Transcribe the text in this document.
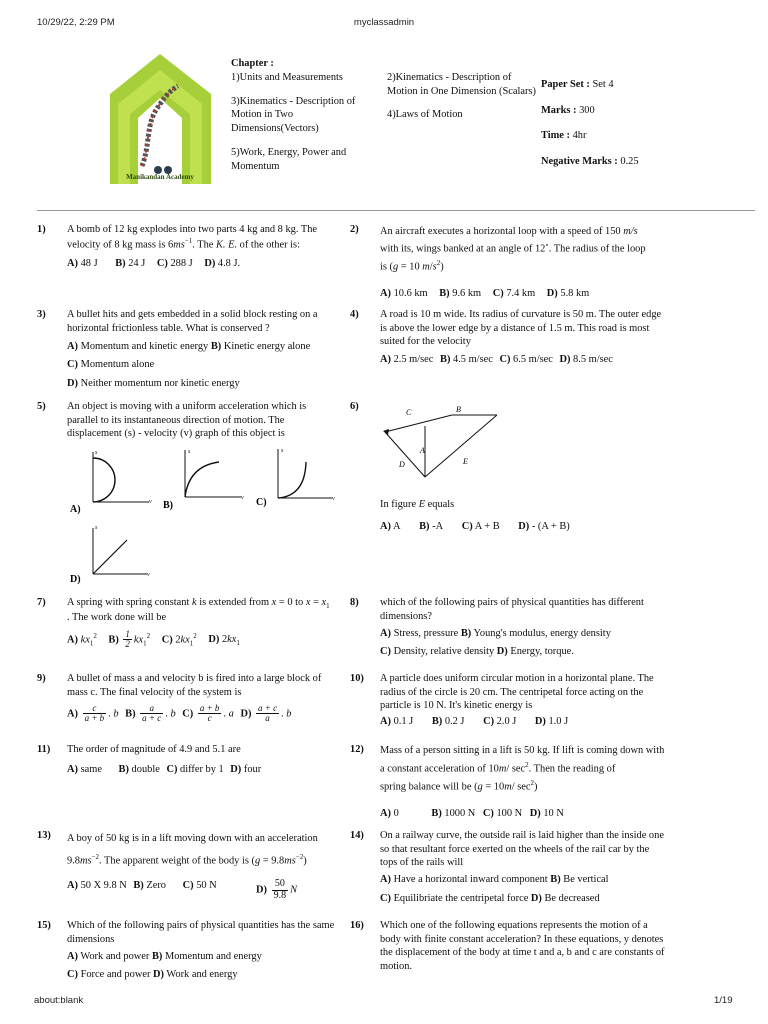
10/29/22, 2:29 PM	myclassadmin
Manikandan Academy
Chapter :
1)Units and Measurements
3)Kinematics - Description of Motion in Two Dimensions(Vectors)
5)Work, Energy, Power and Momentum
2)Kinematics - Description of Motion in One Dimension (Scalars)
4)Laws of Motion
Paper Set : Set 4
Marks : 300
Time : 4hr
Negative Marks : 0.25
1) A bomb of 12 kg explodes into two parts 4 kg and 8 kg. The velocity of 8 kg mass is $6ms^{-1}$. The K. E. of the other is:
A) 48 J B) 24 J C) 288 J D) 4.8 J.
2) An aircraft executes a horizontal loop with a speed of 150 m/s
with its, wings banked at an angle of 12∘. The radius of the loop
is (g = 10 $m/s^2$)
A) 10.6 km B) 9.6 km C) 7.4 km D) 5.8 km
3) A bullet hits and gets embedded in a solid block resting on a horizontal frictionless table. What is conserved ?
A) Momentum and kinetic energy B) Kinetic energy alone
C) Momentum alone
D) Neither momentum nor kinetic energy
4) A road is 10 m wide. Its radius of curvature is 50 m. The outer edge is above the lower edge by a distance of 1.5 m. This road is most suited for the velocity
A) 2.5 m/sec B) 4.5 m/sec C) 6.5 m/sec D) 8.5 m/sec
5) An object is moving with a uniform acceleration which is parallel to its instantaneous direction of motion. The displacement (s) - velocity (v) graph of this object is
s
v
A)
s
v
B)
s
v
C)
s
v
D)
6)
C	B
A
D	E
In figure E equals
A) A B) -A C) A + B D) - (A + B)
7) A spring with spring constant k is extended from x = 0 to $x = x_1$
. The work done will be
A) $kx_1^2$ $B) \frac{1}{2} kx_1^2$ C) $2kx_1^2$ D) $2kx_1$
8) which of the following pairs of physical quantities has different dimensions?
A) Stress, pressure B) Young's modulus, energy density
C) Density, relative density D) Energy, torque.
9) A bullet of mass a and velocity b is fired into a large block of mass c. The final velocity of the system is
$A) \frac{c}{a + b}$ . b $B) \frac{a}{a + c}$ . b $C) \frac{a + b}{c}$ . a $D) \frac{a + c}{a}$ . b
10) A particle does uniform circular motion in a horizontal plane. The radius of the circle is 20 cm. The centripetal force acting on the particle is 10 N. It's kinetic energy is
A) 0.1 J B) 0.2 J C) 2.0 J D) 1.0 J
11) The order of magnitude of 4.9 and 5.1 are
A) same B) double C) differ by 1 D) four
12) Mass of a person sitting in a lift is 50 kg. If lift is coming down with a constant acceleration of 10m/ $\sec^2$. Then the reading of
spring balance will be (g = 10m/ $\sec^2$)
A) 0	B) 1000 N C) 100 N D) 10 N
13) A boy of 50 kg is in a lift moving down with an acceleration
$9.8ms^{-2}$. The apparent weight of the body is $(g = 9.8ms^{-2})$
A) 50 X 9.8 N B) Zero C) 50 N	$D) \frac{50}{9.8}$ N
14) On a railway curve, the outside rail is laid higher than the inside one so that resultant force exerted on the wheels of the rail car by the tops of the rails will
A) Have a horizontal inward component B) Be vertical
C) Equilibriate the centripetal force D) Be decreased
15) Which of the following pairs of physical quantities has the same dimensions
A) Work and power B) Momentum and energy
C) Force and power D) Work and energy
16) Which one of the following equations represents the motion of a body with finite constant acceleration? In these equations, y denotes the displacement of the body at time t and a, b and c are constants of motion.
about:blank	1/19
